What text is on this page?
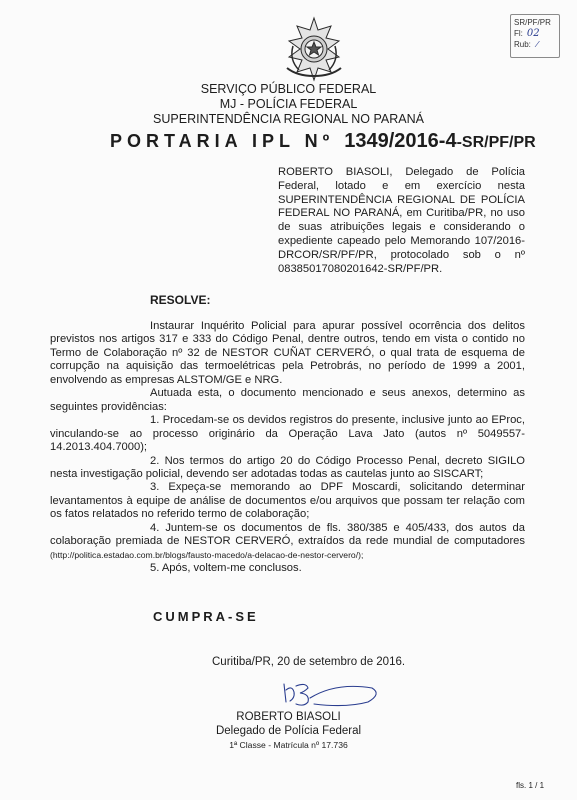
SR/PF/PR
Fl: 02
Rub: ⁄
SERVIÇO PÚBLICO FEDERAL
MJ - POLÍCIA FEDERAL
SUPERINTENDÊNCIA REGIONAL NO PARANÁ
PORTARIA IPL Nº 1349/2016-4-SR/PF/PR
ROBERTO BIASOLI, Delegado de Polícia Federal, lotado e em exercício nesta SUPERINTENDÊNCIA REGIONAL DE POLÍCIA FEDERAL NO PARANÁ, em Curitiba/PR, no uso de suas atribuições legais e considerando o expediente capeado pelo Memorando 107/2016-DRCOR/SR/PF/PR, protocolado sob o nº 08385017080201642-SR/PF/PR.
RESOLVE:

Instaurar Inquérito Policial para apurar possível ocorrência dos delitos previstos nos artigos 317 e 333 do Código Penal, dentre outros, tendo em vista o contido no Termo de Colaboração nº 32 de NESTOR CUÑAT CERVERÓ, o qual trata de esquema de corrupção na aquisição das termoelétricas pela Petrobrás, no período de 1999 a 2001, envolvendo as empresas ALSTOM/GE e NRG.

Autuada esta, o documento mencionado e seus anexos, determino as seguintes providências:

1. Procedam-se os devidos registros do presente, inclusive junto ao EProc, vinculando-se ao processo originário da Operação Lava Jato (autos nº 5049557-14.2013.404.7000);

2. Nos termos do artigo 20 do Código Processo Penal, decreto SIGILO nesta investigação policial, devendo ser adotadas todas as cautelas junto ao SISCART;

3. Expeça-se memorando ao DPF Moscardi, solicitando determinar levantamentos à equipe de análise de documentos e/ou arquivos que possam ter relação com os fatos relatados no referido termo de colaboração;

4. Juntem-se os documentos de fls. 380/385 e 405/433, dos autos da colaboração premiada de NESTOR CERVERÓ, extraídos da rede mundial de computadores (http://politica.estadao.com.br/blogs/fausto-macedo/a-delacao-de-nestor-cervero/);

5. Após, voltem-me conclusos.

CUMPRA-SE
Curitiba/PR, 20 de setembro de 2016.
ROBERTO BIASOLI
Delegado de Polícia Federal
1ª Classe - Matrícula nº 17.736
fls. 1 / 1
